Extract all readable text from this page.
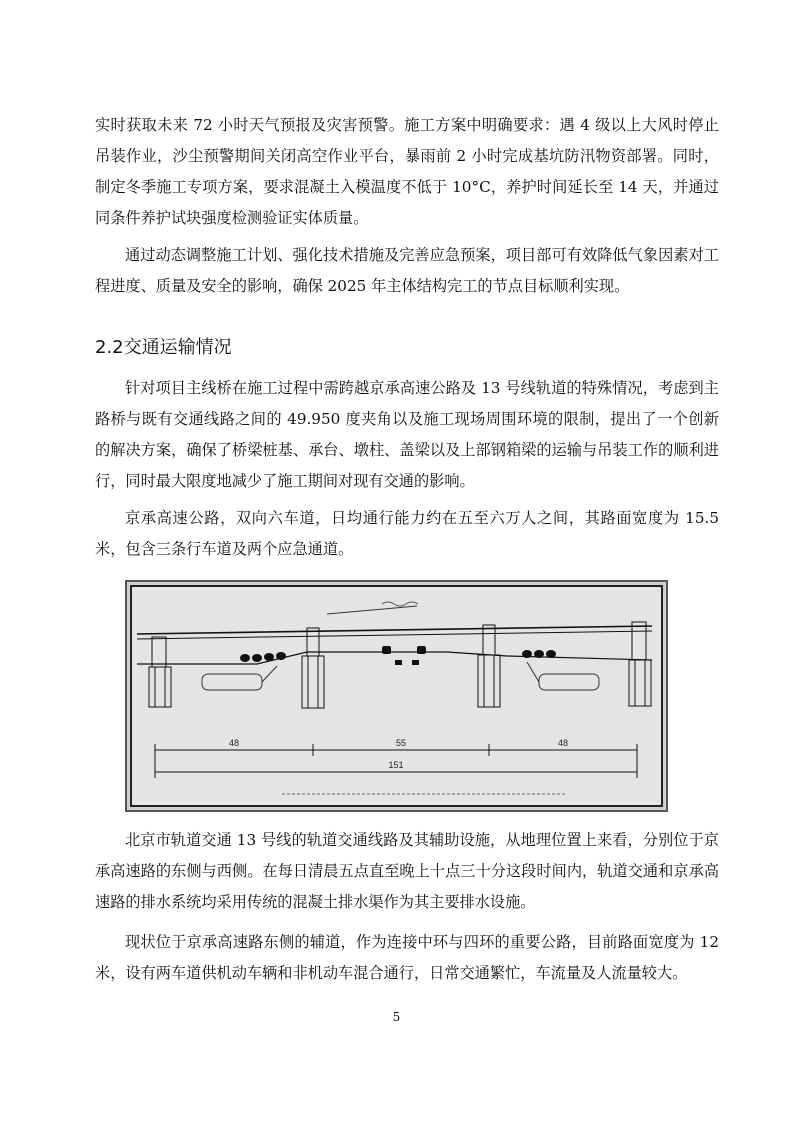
实时获取未来 72 小时天气预报及灾害预警。施工方案中明确要求：遇 4 级以上大风时停止吊装作业，沙尘预警期间关闭高空作业平台，暴雨前 2 小时完成基坑防汛物资部署。同时，制定冬季施工专项方案，要求混凝土入模温度不低于 10°C，养护时间延长至 14 天，并通过同条件养护试块强度检测验证实体质量。

通过动态调整施工计划、强化技术措施及完善应急预案，项目部可有效降低气象因素对工程进度、质量及安全的影响，确保 2025 年主体结构完工的节点目标顺利实现。

2.2交通运输情况

针对项目主线桥在施工过程中需跨越京承高速公路及 13 号线轨道的特殊情况，考虑到主路桥与既有交通线路之间的 49.950 度夹角以及施工现场周围环境的限制，提出了一个创新的解决方案，确保了桥梁桩基、承台、墩柱、盖梁以及上部钢箱梁的运输与吊装工作的顺利进行，同时最大限度地减少了施工期间对现有交通的影响。

京承高速公路，双向六车道，日均通行能力约在五至六万人之间，其路面宽度为 15.5 米，包含三条行车道及两个应急通道。

48	55	48
151

北京市轨道交通 13 号线的轨道交通线路及其辅助设施，从地理位置上来看，分别位于京承高速路的东侧与西侧。在每日清晨五点直至晚上十点三十分这段时间内，轨道交通和京承高速路的排水系统均采用传统的混凝土排水渠作为其主要排水设施。

现状位于京承高速路东侧的辅道，作为连接中环与四环的重要公路，目前路面宽度为 12 米，设有两车道供机动车辆和非机动车混合通行，日常交通繁忙，车流量及人流量较大。

5
